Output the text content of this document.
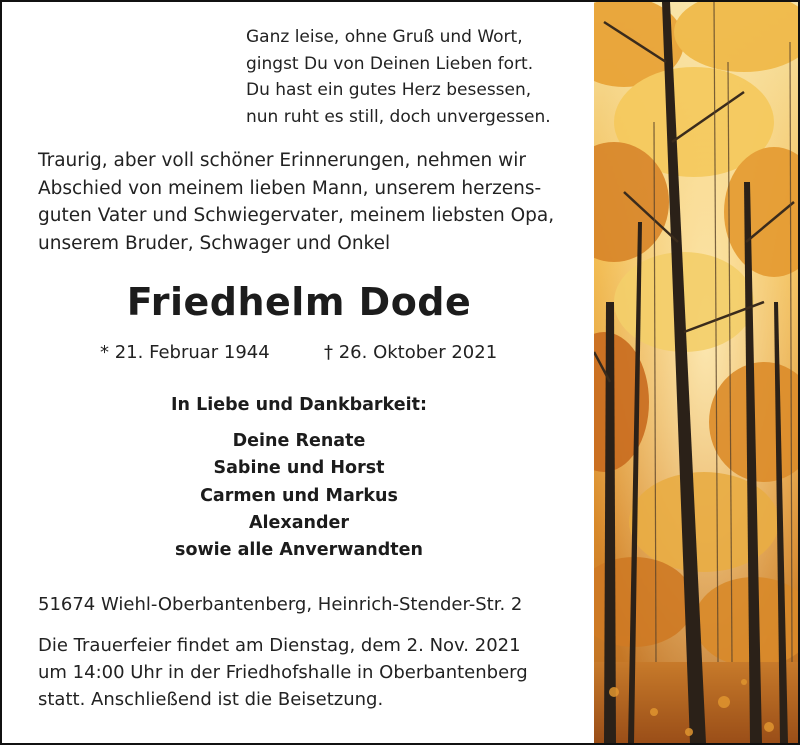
Ganz leise, ohne Gruß und Wort,
gingst Du von Deinen Lieben fort.
Du hast ein gutes Herz besessen,
nun ruht es still, doch unvergessen.
Traurig, aber voll schöner Erinnerungen, nehmen wir
Abschied von meinem lieben Mann, unserem herzens-
guten Vater und Schwiegervater, meinem liebsten Opa,
unserem Bruder, Schwager und Onkel
Friedhelm Dode
* 21. Februar 1944	† 26. Oktober 2021
In Liebe und Dankbarkeit:
Deine Renate
Sabine und Horst
Carmen und Markus
Alexander
sowie alle Anverwandten
51674 Wiehl-Oberbantenberg, Heinrich-Stender-Str. 2
Die Trauerfeier findet am Dienstag, dem 2. Nov. 2021
um 14:00 Uhr in der Friedhofshalle in Oberbantenberg
statt. Anschließend ist die Beisetzung.
